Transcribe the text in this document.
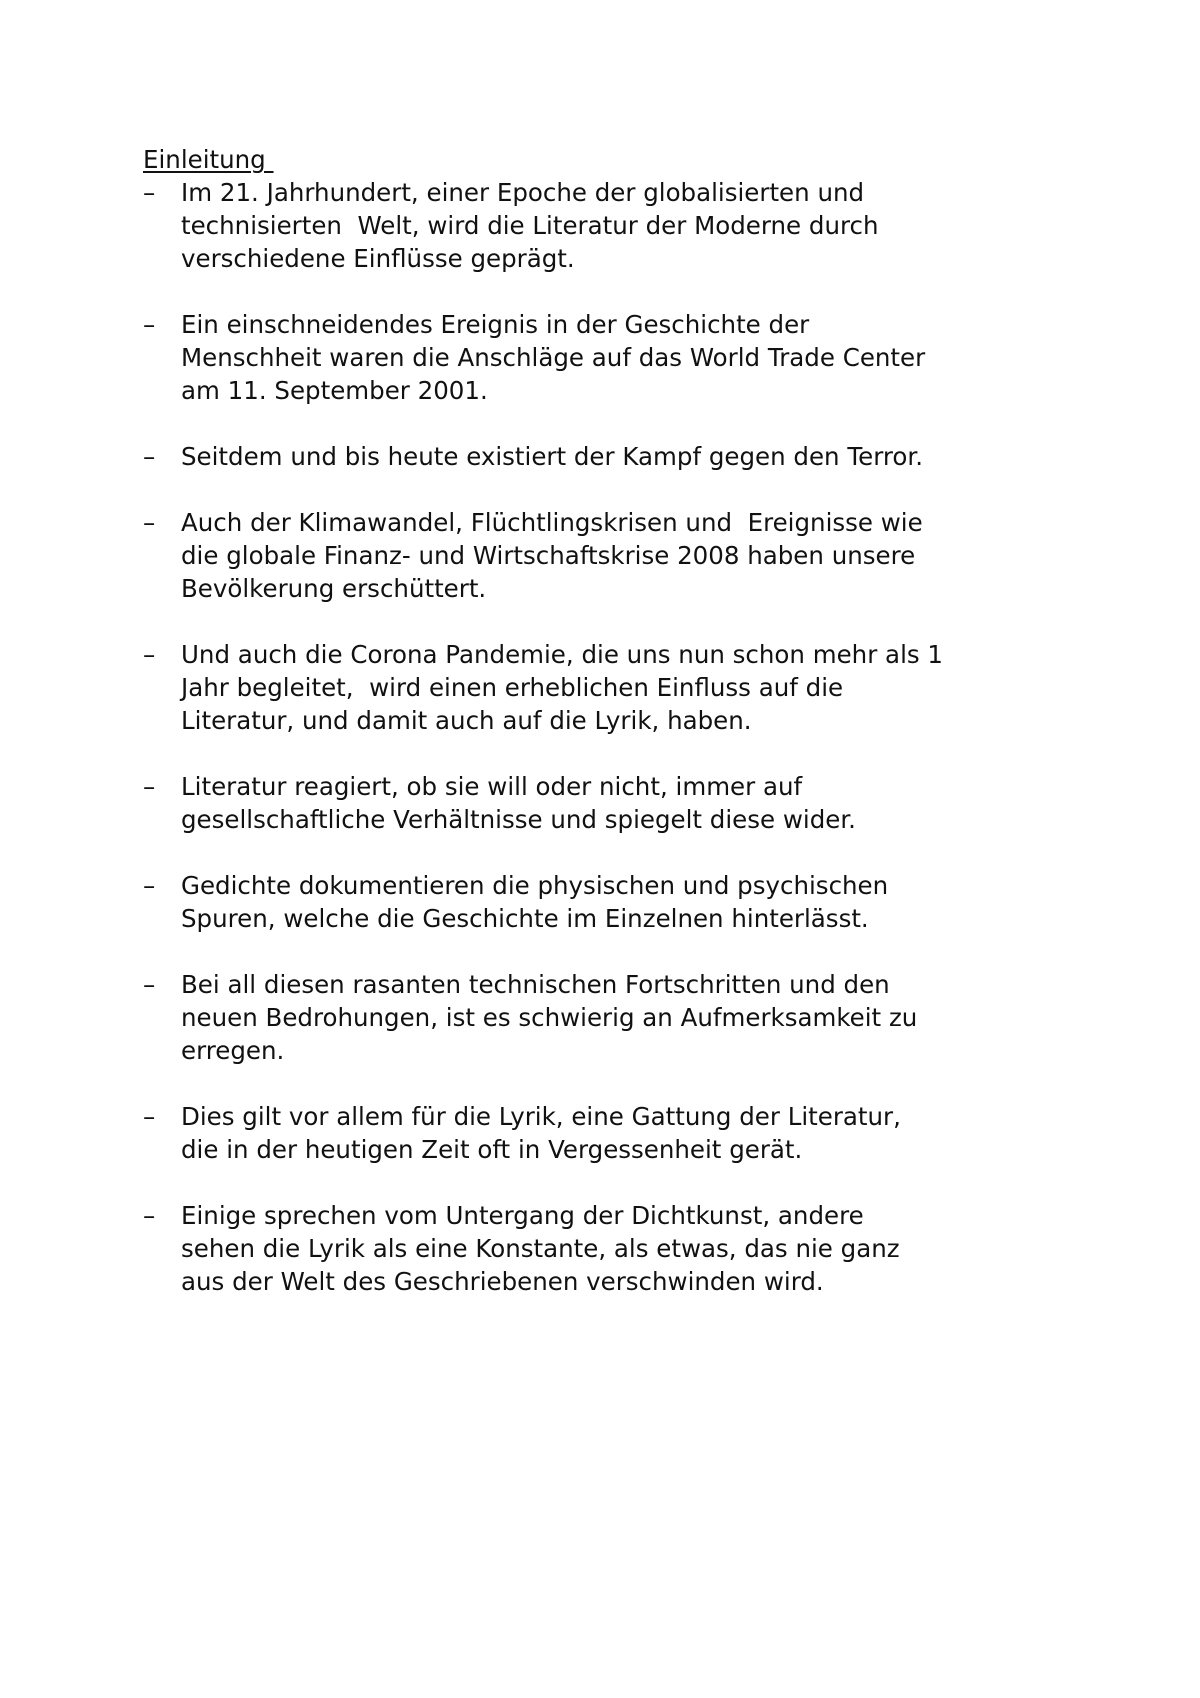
Einleitung
–	Im 21. Jahrhundert, einer Epoche der globalisierten und
technisierten  Welt, wird die Literatur der Moderne durch
verschiedene Einflüsse geprägt.
–	Ein einschneidendes Ereignis in der Geschichte der
Menschheit waren die Anschläge auf das World Trade Center
am 11. September 2001.
–	Seitdem und bis heute existiert der Kampf gegen den Terror.
–	Auch der Klimawandel, Flüchtlingskrisen und  Ereignisse wie
die globale Finanz- und Wirtschaftskrise 2008 haben unsere
Bevölkerung erschüttert.
–	Und auch die Corona Pandemie, die uns nun schon mehr als 1
Jahr begleitet,  wird einen erheblichen Einfluss auf die
Literatur, und damit auch auf die Lyrik, haben.
–	Literatur reagiert, ob sie will oder nicht, immer auf
gesellschaftliche Verhältnisse und spiegelt diese wider.
–	Gedichte dokumentieren die physischen und psychischen
Spuren, welche die Geschichte im Einzelnen hinterlässt.
–	Bei all diesen rasanten technischen Fortschritten und den
neuen Bedrohungen, ist es schwierig an Aufmerksamkeit zu
erregen.
–	Dies gilt vor allem für die Lyrik, eine Gattung der Literatur,
die in der heutigen Zeit oft in Vergessenheit gerät.
–	Einige sprechen vom Untergang der Dichtkunst, andere
sehen die Lyrik als eine Konstante, als etwas, das nie ganz
aus der Welt des Geschriebenen verschwinden wird.
